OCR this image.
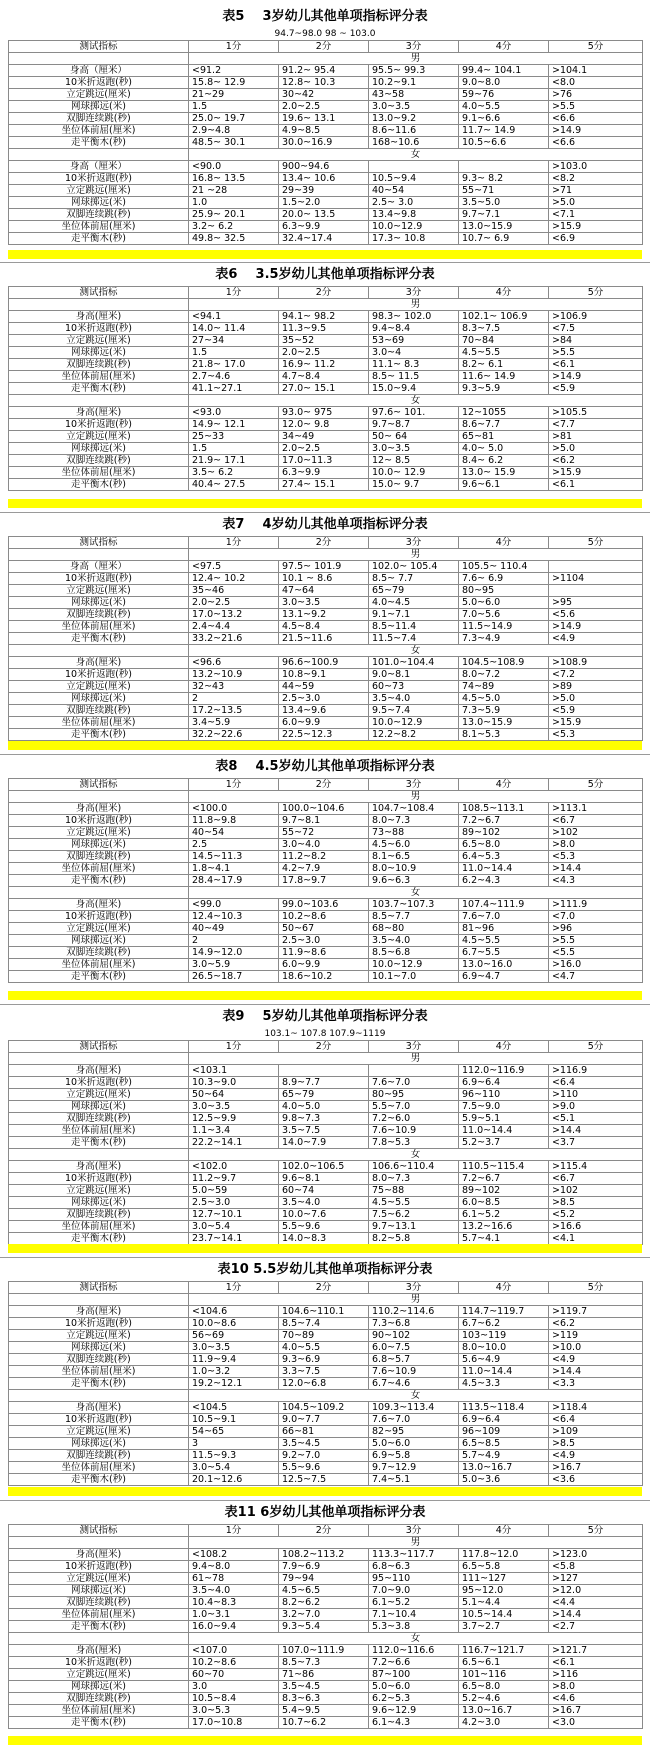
表5    3岁幼儿其他单项指标评分表
94.7~98.0 98 ~ 103.0
测试指标	1分	2分	3分	4分	5分
	男				
身高（厘米）	<91.2	91.2~ 95.4	95.5~ 99.3	99.4~ 104.1	>104.1
10米折返跑(秒)	15.8~ 12.9	12.8~ 10.3	10.2~9.1	9.0~8.0	<8.0
立定跳远(厘米)	21~29	30~42	43~58	59~76	>76
网球掷远(米)	1.5	2.0~2.5	3.0~3.5	4.0~5.5	>5.5
双脚连续跳(秒)	25.0~ 19.7	19.6~ 13.1	13.0~9.2	9.1~6.6	<6.6
坐位体前屈(厘米)	2.9~4.8	4.9~8.5	8.6~11.6	11.7~ 14.9	>14.9
走平衡木(秒)	48.5~ 30.1	30.0~16.9	168~10.6	10.5~6.6	<6.6
	女				
身高（厘米）	<90.0	900~94.6			>103.0
10米折返跑(秒)	16.8~ 13.5	13.4~ 10.6	10.5~9.4	9.3~ 8.2	<8.2
立定跳远(厘米)	21 ~28	29~39	40~54	55~71	>71
网球掷远(米)	1.0	1.5~2.0	2.5~ 3.0	3.5~5.0	>5.0
双脚连续跳(秒)	25.9~ 20.1	20.0~ 13.5	13.4~9.8	9.7~7.1	<7.1
坐位体前屈(厘米)	3.2~ 6.2	6.3~9.9	10.0~12.9	13.0~15.9	>15.9
走平衡木(秒)	49.8~ 32.5	32.4~17.4	17.3~ 10.8	10.7~ 6.9	<6.9
表6    3.5岁幼儿其他单项指标评分表
测试指标	1分	2分	3分	4分	5分
	男				
身高(厘米)	<94.1	94.1~ 98.2	98.3~ 102.0	102.1~ 106.9	>106.9
10米折返跑(秒)	14.0~ 11.4	11.3~9.5	9.4~8.4	8.3~7.5	<7.5
立定跳远(厘米)	27~34	35~52	53~69	70~84	>84
网球掷远(米)	1.5	2.0~2.5	3.0~4	4.5~5.5	>5.5
双脚连续跳(秒)	21.8~ 17.0	16.9~ 11.2	11.1~ 8.3	8.2~ 6.1	<6.1
坐位体前屈(厘米)	2.7~4.6	4.7~8.4	8.5~ 11.5	11.6~ 14.9	>14.9
走平衡木(秒)	41.1~27.1	27.0~ 15.1	15.0~9.4	9.3~5.9	<5.9
	女				
身高(厘米)	<93.0	93.0~ 975	97.6~ 101.	12~1055	>105.5
10米折返跑(秒)	14.9~ 12.1	12.0~ 9.8	9.7~8.7	8.6~7.7	<7.7
立定跳远(厘米)	25~33	34~49	50~ 64	65~81	>81
网球掷远(米)	1.5	2.0~2.5	3.0~3.5	4.0~ 5.0	>5.0
双脚连续跳(秒)	21.9~ 17.1	17.0~11.3	12~ 8.5	8.4~ 6.2	<6.2
坐位体前屈(厘米)	3.5~ 6.2	6.3~9.9	10.0~ 12.9	13.0~ 15.9	>15.9
走平衡木(秒)	40.4~ 27.5	27.4~ 15.1	15.0~ 9.7	9.6~6.1	<6.1
表7    4岁幼儿其他单项指标评分表
测试指标	1分	2分	3分	4分	5分
	男				
身高（厘米）	<97.5	97.5~ 101.9	102.0~ 105.4	105.5~ 110.4	
10米折返跑(秒)	12.4~ 10.2	10.1 ~ 8.6	8.5~ 7.7	7.6~ 6.9	>1104
立定跳远(厘米)	35~46	47~64	65~79	80~95	
网球掷远(米)	2.0~2.5	3.0~3.5	4.0~4.5	5.0~6.0	>95
双脚连续跳(秒)	17.0~13.2	13.1~9.2	9.1~7.1	7.0~5.6	<5.6
坐位体前屈(厘米)	2.4~4.4	4.5~8.4	8.5~11.4	11.5~14.9	>14.9
走平衡木(秒)	33.2~21.6	21.5~11.6	11.5~7.4	7.3~4.9	<4.9
	女				
身高(厘米)	<96.6	96.6~100.9	101.0~104.4	104.5~108.9	>108.9
10米折返跑(秒)	13.2~10.9	10.8~9.1	9.0~8.1	8.0~7.2	<7.2
立定跳远(厘米)	32~43	44~59	60~73	74~89	>89
网球掷远(米)	2	2.5~3.0	3.5~4.0	4.5~5.0	>5.0
双脚连续跳(秒)	17.2~13.5	13.4~9.6	9.5~7.4	7.3~5.9	<5.9
坐位体前屈(厘米)	3.4~5.9	6.0~9.9	10.0~12.9	13.0~15.9	>15.9
走平衡木(秒)	32.2~22.6	22.5~12.3	12.2~8.2	8.1~5.3	<5.3
表8    4.5岁幼儿其他单项指标评分表
测试指标	1分	2分	3分	4分	5分
	男				
身高(厘米)	<100.0	100.0~104.6	104.7~108.4	108.5~113.1	>113.1
10米折返跑(秒)	11.8~9.8	9.7~8.1	8.0~7.3	7.2~6.7	<6.7
立定跳远(厘米)	40~54	55~72	73~88	89~102	>102
网球掷远(米)	2.5	3.0~4.0	4.5~6.0	6.5~8.0	>8.0
双脚连续跳(秒)	14.5~11.3	11.2~8.2	8.1~6.5	6.4~5.3	<5.3
坐位体前屈(厘米)	1.8~4.1	4.2~7.9	8.0~10.9	11.0~14.4	>14.4
走平衡木(秒)	28.4~17.9	17.8~9.7	9.6~6.3	6.2~4.3	<4.3
	女				
身高(厘米)	<99.0	99.0~103.6	103.7~107.3	107.4~111.9	>111.9
10米折返跑(秒)	12.4~10.3	10.2~8.6	8.5~7.7	7.6~7.0	<7.0
立定跳远(厘米)	40~49	50~67	68~80	81~96	>96
网球掷远(米)	2	2.5~3.0	3.5~4.0	4.5~5.5	>5.5
双脚连续跳(秒)	14.9~12.0	11.9~8.6	8.5~6.8	6.7~5.5	<5.5
坐位体前屈(厘米)	3.0~5.9	6.0~9.9	10.0~12.9	13.0~16.0	>16.0
走平衡木(秒)	26.5~18.7	18.6~10.2	10.1~7.0	6.9~4.7	<4.7
表9    5岁幼儿其他单项指标评分表
103.1~ 107.8 107.9~1119
测试指标	1分	2分	3分	4分	5分
	男				
身高(厘米)	<103.1			112.0~116.9	>116.9
10米折返跑(秒)	10.3~9.0	8.9~7.7	7.6~7.0	6.9~6.4	<6.4
立定跳远(厘米)	50~64	65~79	80~95	96~110	>110
网球掷远(米)	3.0~3.5	4.0~5.0	5.5~7.0	7.5~9.0	>9.0
双脚连续跳(秒)	12.5~9.9	9.8~7.3	7.2~6.0	5.9~5.1	<5.1
坐位体前屈(厘米)	1.1~3.4	3.5~7.5	7.6~10.9	11.0~14.4	>14.4
走平衡木(秒)	22.2~14.1	14.0~7.9	7.8~5.3	5.2~3.7	<3.7
	女				
身高(厘米)	<102.0	102.0~106.5	106.6~110.4	110.5~115.4	>115.4
10米折返跑(秒)	11.2~9.7	9.6~8.1	8.0~7.3	7.2~6.7	<6.7
立定跳远(厘米)	5.0~59	60~74	75~88	89~102	>102
网球掷远(米)	2.5~3.0	3.5~4.0	4.5~5.5	6.0~8.5	>8.5
双脚连续跳(秒)	12.7~10.1	10.0~7.6	7.5~6.2	6.1~5.2	<5.2
坐位体前屈(厘米)	3.0~5.4	5.5~9.6	9.7~13.1	13.2~16.6	>16.6
走平衡木(秒)	23.7~14.1	14.0~8.3	8.2~5.8	5.7~4.1	<4.1
表10 5.5岁幼儿其他单项指标评分表
测试指标	1分	2分	3分	4分	5分
	男				
身高(厘米)	<104.6	104.6~110.1	110.2~114.6	114.7~119.7	>119.7
10米折返跑(秒)	10.0~8.6	8.5~7.4	7.3~6.8	6.7~6.2	<6.2
立定跳远(厘米)	56~69	70~89	90~102	103~119	>119
网球掷远(米)	3.0~3.5	4.0~5.5	6.0~7.5	8.0~10.0	>10.0
双脚连续跳(秒)	11.9~9.4	9.3~6.9	6.8~5.7	5.6~4.9	<4.9
坐位体前屈(厘米)	1.0~3.2	3.3~7.5	7.6~10.9	11.0~14.4	>14.4
走平衡木(秒)	19.2~12.1	12.0~6.8	6.7~4.6	4.5~3.3	<3.3
	女				
身高(厘米)	<104.5	104.5~109.2	109.3~113.4	113.5~118.4	>118.4
10米折返跑(秒)	10.5~9.1	9.0~7.7	7.6~7.0	6.9~6.4	<6.4
立定跳远(厘米)	54~65	66~81	82~95	96~109	>109
网球掷远(米)	3	3.5~4.5	5.0~6.0	6.5~8.5	>8.5
双脚连续跳(秒)	11.5~9.3	9.2~7.0	6.9~5.8	5.7~4.9	<4.9
坐位体前屈(厘米)	3.0~5.4	5.5~9.6	9.7~12.9	13.0~16.7	>16.7
走平衡木(秒)	20.1~12.6	12.5~7.5	7.4~5.1	5.0~3.6	<3.6
表11 6岁幼儿其他单项指标评分表
测试指标	1分	2分	3分	4分	5分
	男				
身高(厘米)	<108.2	108.2~113.2	113.3~117.7	117.8~12.0	>123.0
10米折返跑(秒)	9.4~8.0	7.9~6.9	6.8~6.3	6.5~5.8	<5.8
立定跳远(厘米)	61~78	79~94	95~110	111~127	>127
网球掷远(米)	3.5~4.0	4.5~6.5	7.0~9.0	95~12.0	>12.0
双脚连续跳(秒)	10.4~8.3	8.2~6.2	6.1~5.2	5.1~4.4	<4.4
坐位体前屈(厘米)	1.0~3.1	3.2~7.0	7.1~10.4	10.5~14.4	>14.4
走平衡木(秒)	16.0~9.4	9.3~5.4	5.3~3.8	3.7~2.7	<2.7
	女				
身高(厘米)	<107.0	107.0~111.9	112.0~116.6	116.7~121.7	>121.7
10米折返跑(秒)	10.2~8.6	8.5~7.3	7.2~6.6	6.5~6.1	<6.1
立定跳远(厘米)	60~70	71~86	87~100	101~116	>116
网球掷远(米)	3.0	3.5~4.5	5.0~6.0	6.5~8.0	>8.0
双脚连续跳(秒)	10.5~8.4	8.3~6.3	6.2~5.3	5.2~4.6	<4.6
坐位体前屈(厘米)	3.0~5.3	5.4~9.5	9.6~12.9	13.0~16.7	>16.7
走平衡木(秒)	17.0~10.8	10.7~6.2	6.1~4.3	4.2~3.0	<3.0
